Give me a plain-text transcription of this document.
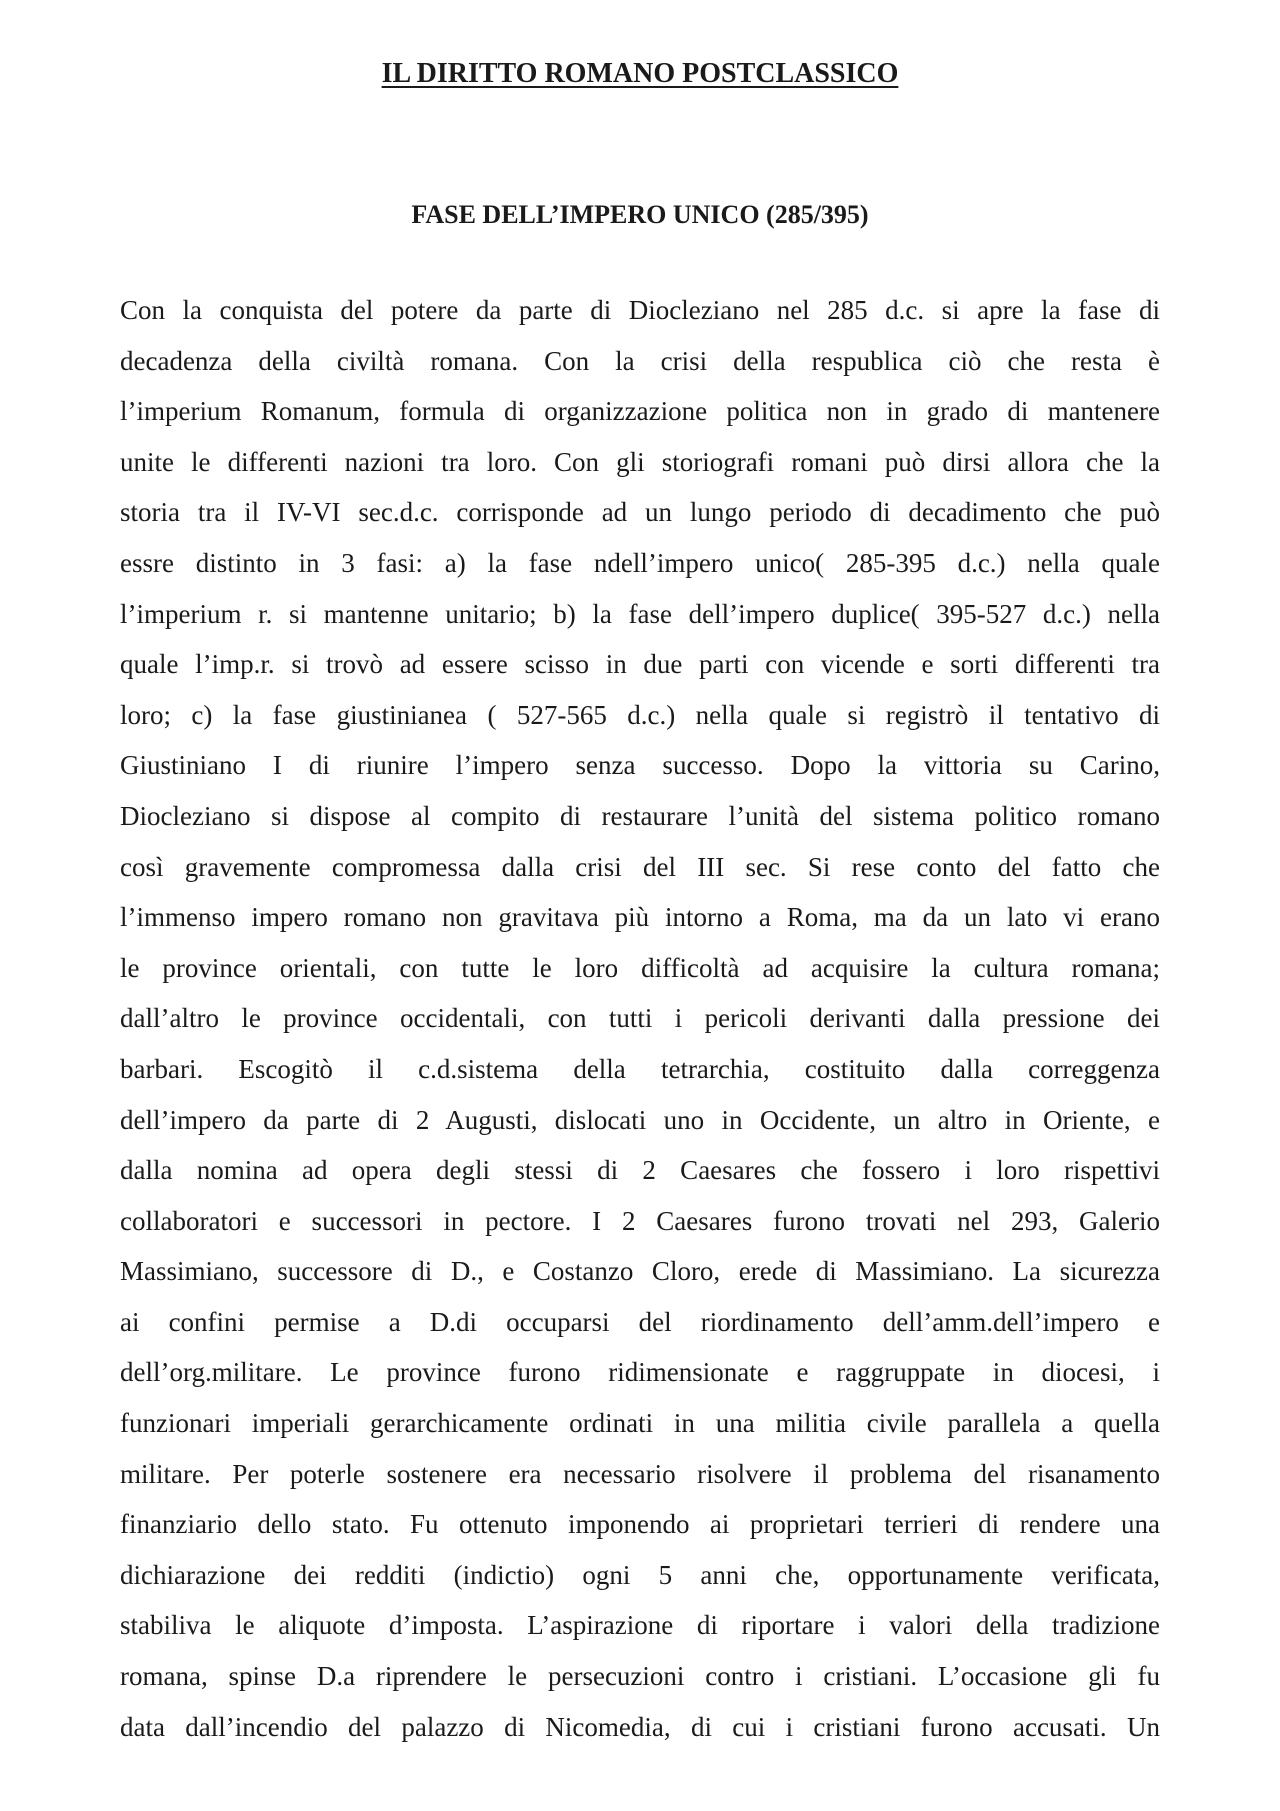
IL DIRITTO ROMANO POSTCLASSICO
FASE DELL’IMPERO UNICO (285/395)
Con la conquista del potere da parte di Diocleziano nel 285 d.c. si apre la fase di
decadenza della civiltà romana. Con la crisi della respublica ciò che resta è
l’imperium Romanum, formula di organizzazione politica non in grado di mantenere
unite le differenti nazioni tra loro. Con gli storiografi romani può dirsi allora che la
storia tra il IV-VI sec.d.c. corrisponde ad un lungo periodo di decadimento che può
essre distinto in 3 fasi: a) la fase ndell’impero unico( 285-395 d.c.) nella quale
l’imperium r. si mantenne unitario; b) la fase dell’impero duplice( 395-527 d.c.) nella
quale l’imp.r. si trovò ad essere scisso in due parti con vicende e sorti differenti tra
loro; c) la fase giustinianea ( 527-565 d.c.) nella quale si registrò il tentativo di
Giustiniano I di riunire l’impero senza successo. Dopo la vittoria su Carino,
Diocleziano si dispose al compito di restaurare l’unità del sistema politico romano
così gravemente compromessa dalla crisi del III sec. Si rese conto del fatto che
l’immenso impero romano non gravitava più intorno a Roma, ma da un lato vi erano
le province orientali, con tutte le loro difficoltà ad acquisire la cultura romana;
dall’altro le province occidentali, con tutti i pericoli derivanti dalla pressione dei
barbari. Escogitò il c.d.sistema della tetrarchia, costituito dalla correggenza
dell’impero da parte di 2 Augusti, dislocati uno in Occidente, un altro in Oriente, e
dalla nomina ad opera degli stessi di 2 Caesares che fossero i loro rispettivi
collaboratori e successori in pectore. I 2 Caesares furono trovati nel 293, Galerio
Massimiano, successore di D., e Costanzo Cloro, erede di Massimiano. La sicurezza
ai confini permise a D.di occuparsi del riordinamento dell’amm.dell’impero e
dell’org.militare. Le province furono ridimensionate e raggruppate in diocesi, i
funzionari imperiali gerarchicamente ordinati in una militia civile parallela a quella
militare. Per poterle sostenere era necessario risolvere il problema del risanamento
finanziario dello stato. Fu ottenuto imponendo ai proprietari terrieri di rendere una
dichiarazione dei redditi (indictio) ogni 5 anni che, opportunamente verificata,
stabiliva le aliquote d’imposta. L’aspirazione di riportare i valori della tradizione
romana, spinse D.a riprendere le persecuzioni contro i cristiani. L’occasione gli fu
data dall’incendio del palazzo di Nicomedia, di cui i cristiani furono accusati. Un
